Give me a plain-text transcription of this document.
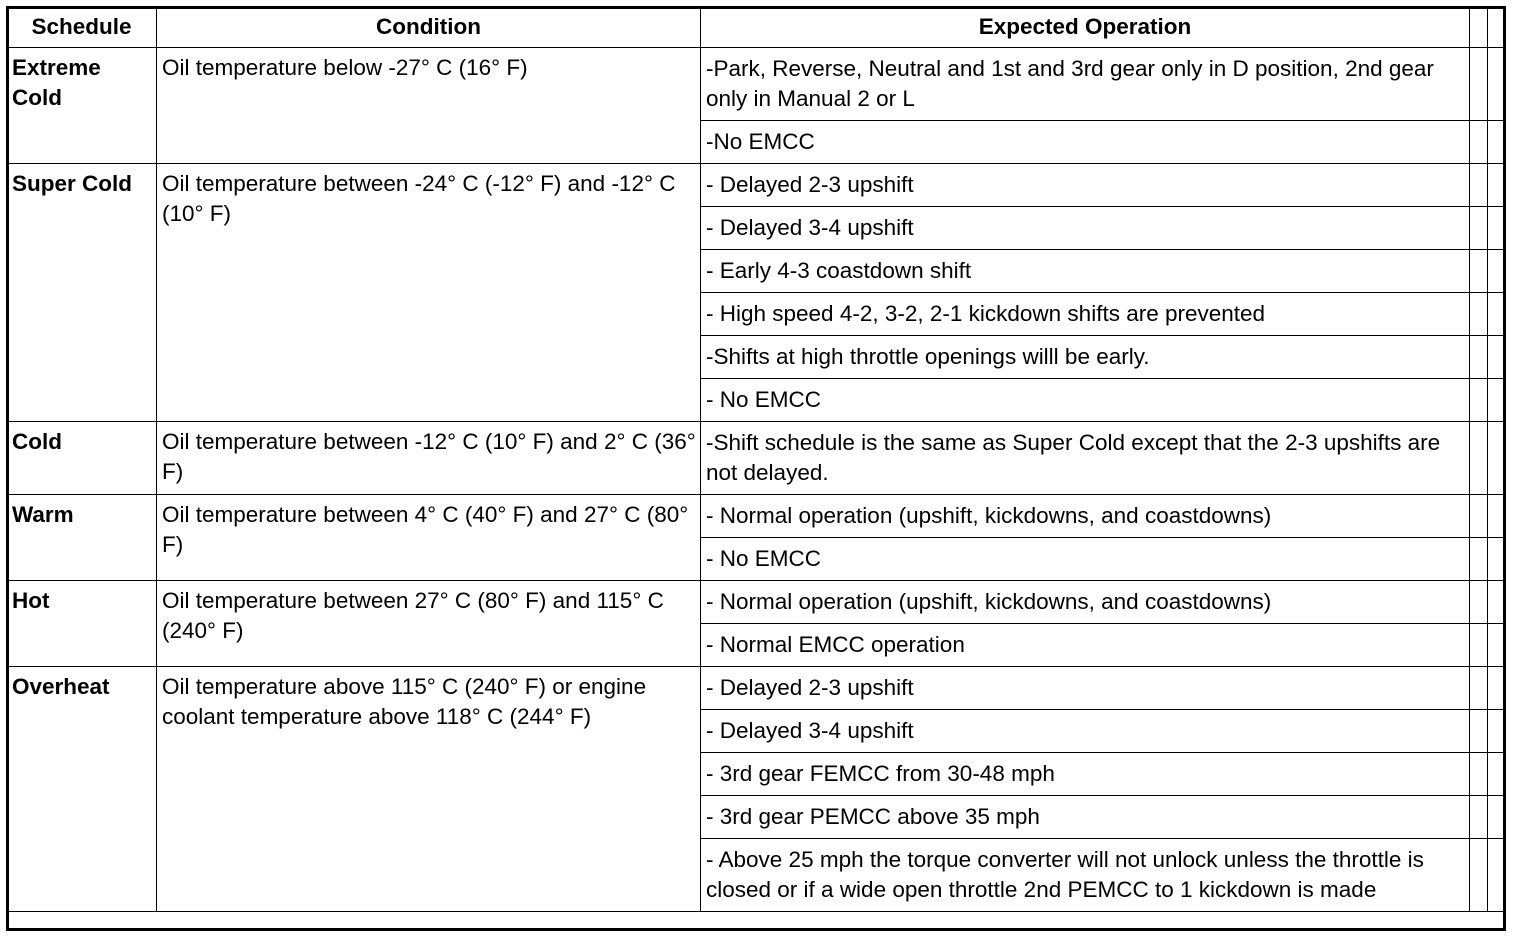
Schedule	Condition	Expected Operation		
Extreme Cold	Oil temperature below -27° C (16° F)	-Park, Reverse, Neutral and 1st and 3rd gear only in D position, 2nd gear only in Manual 2 or L		
		-No EMCC		
Super Cold	Oil temperature between -24° C (-12° F) and -12° C (10° F)	- Delayed 2-3 upshift		
		- Delayed 3-4 upshift		
		- Early 4-3 coastdown shift		
		- High speed 4-2, 3-2, 2-1 kickdown shifts are prevented		
		-Shifts at high throttle openings willl be early.		
		- No EMCC		
Cold	Oil temperature between -12° C (10° F) and 2° C (36° F)	-Shift schedule is the same as Super Cold except that the 2-3 upshifts are not delayed.		
Warm	Oil temperature between 4° C (40° F) and 27° C (80° F)	- Normal operation (upshift, kickdowns, and coastdowns)		
		- No EMCC		
Hot	Oil temperature between 27° C (80° F) and 115° C (240° F)	- Normal operation (upshift, kickdowns, and coastdowns)		
		- Normal EMCC operation		
Overheat	Oil temperature above 115° C (240° F) or engine coolant temperature above 118° C (244° F)	- Delayed 2-3 upshift		
		- Delayed 3-4 upshift		
		- 3rd gear FEMCC from 30-48 mph		
		- 3rd gear PEMCC above 35 mph		
		- Above 25 mph the torque converter will not unlock unless the throttle is closed or if a wide open throttle 2nd PEMCC to 1 kickdown is made		
